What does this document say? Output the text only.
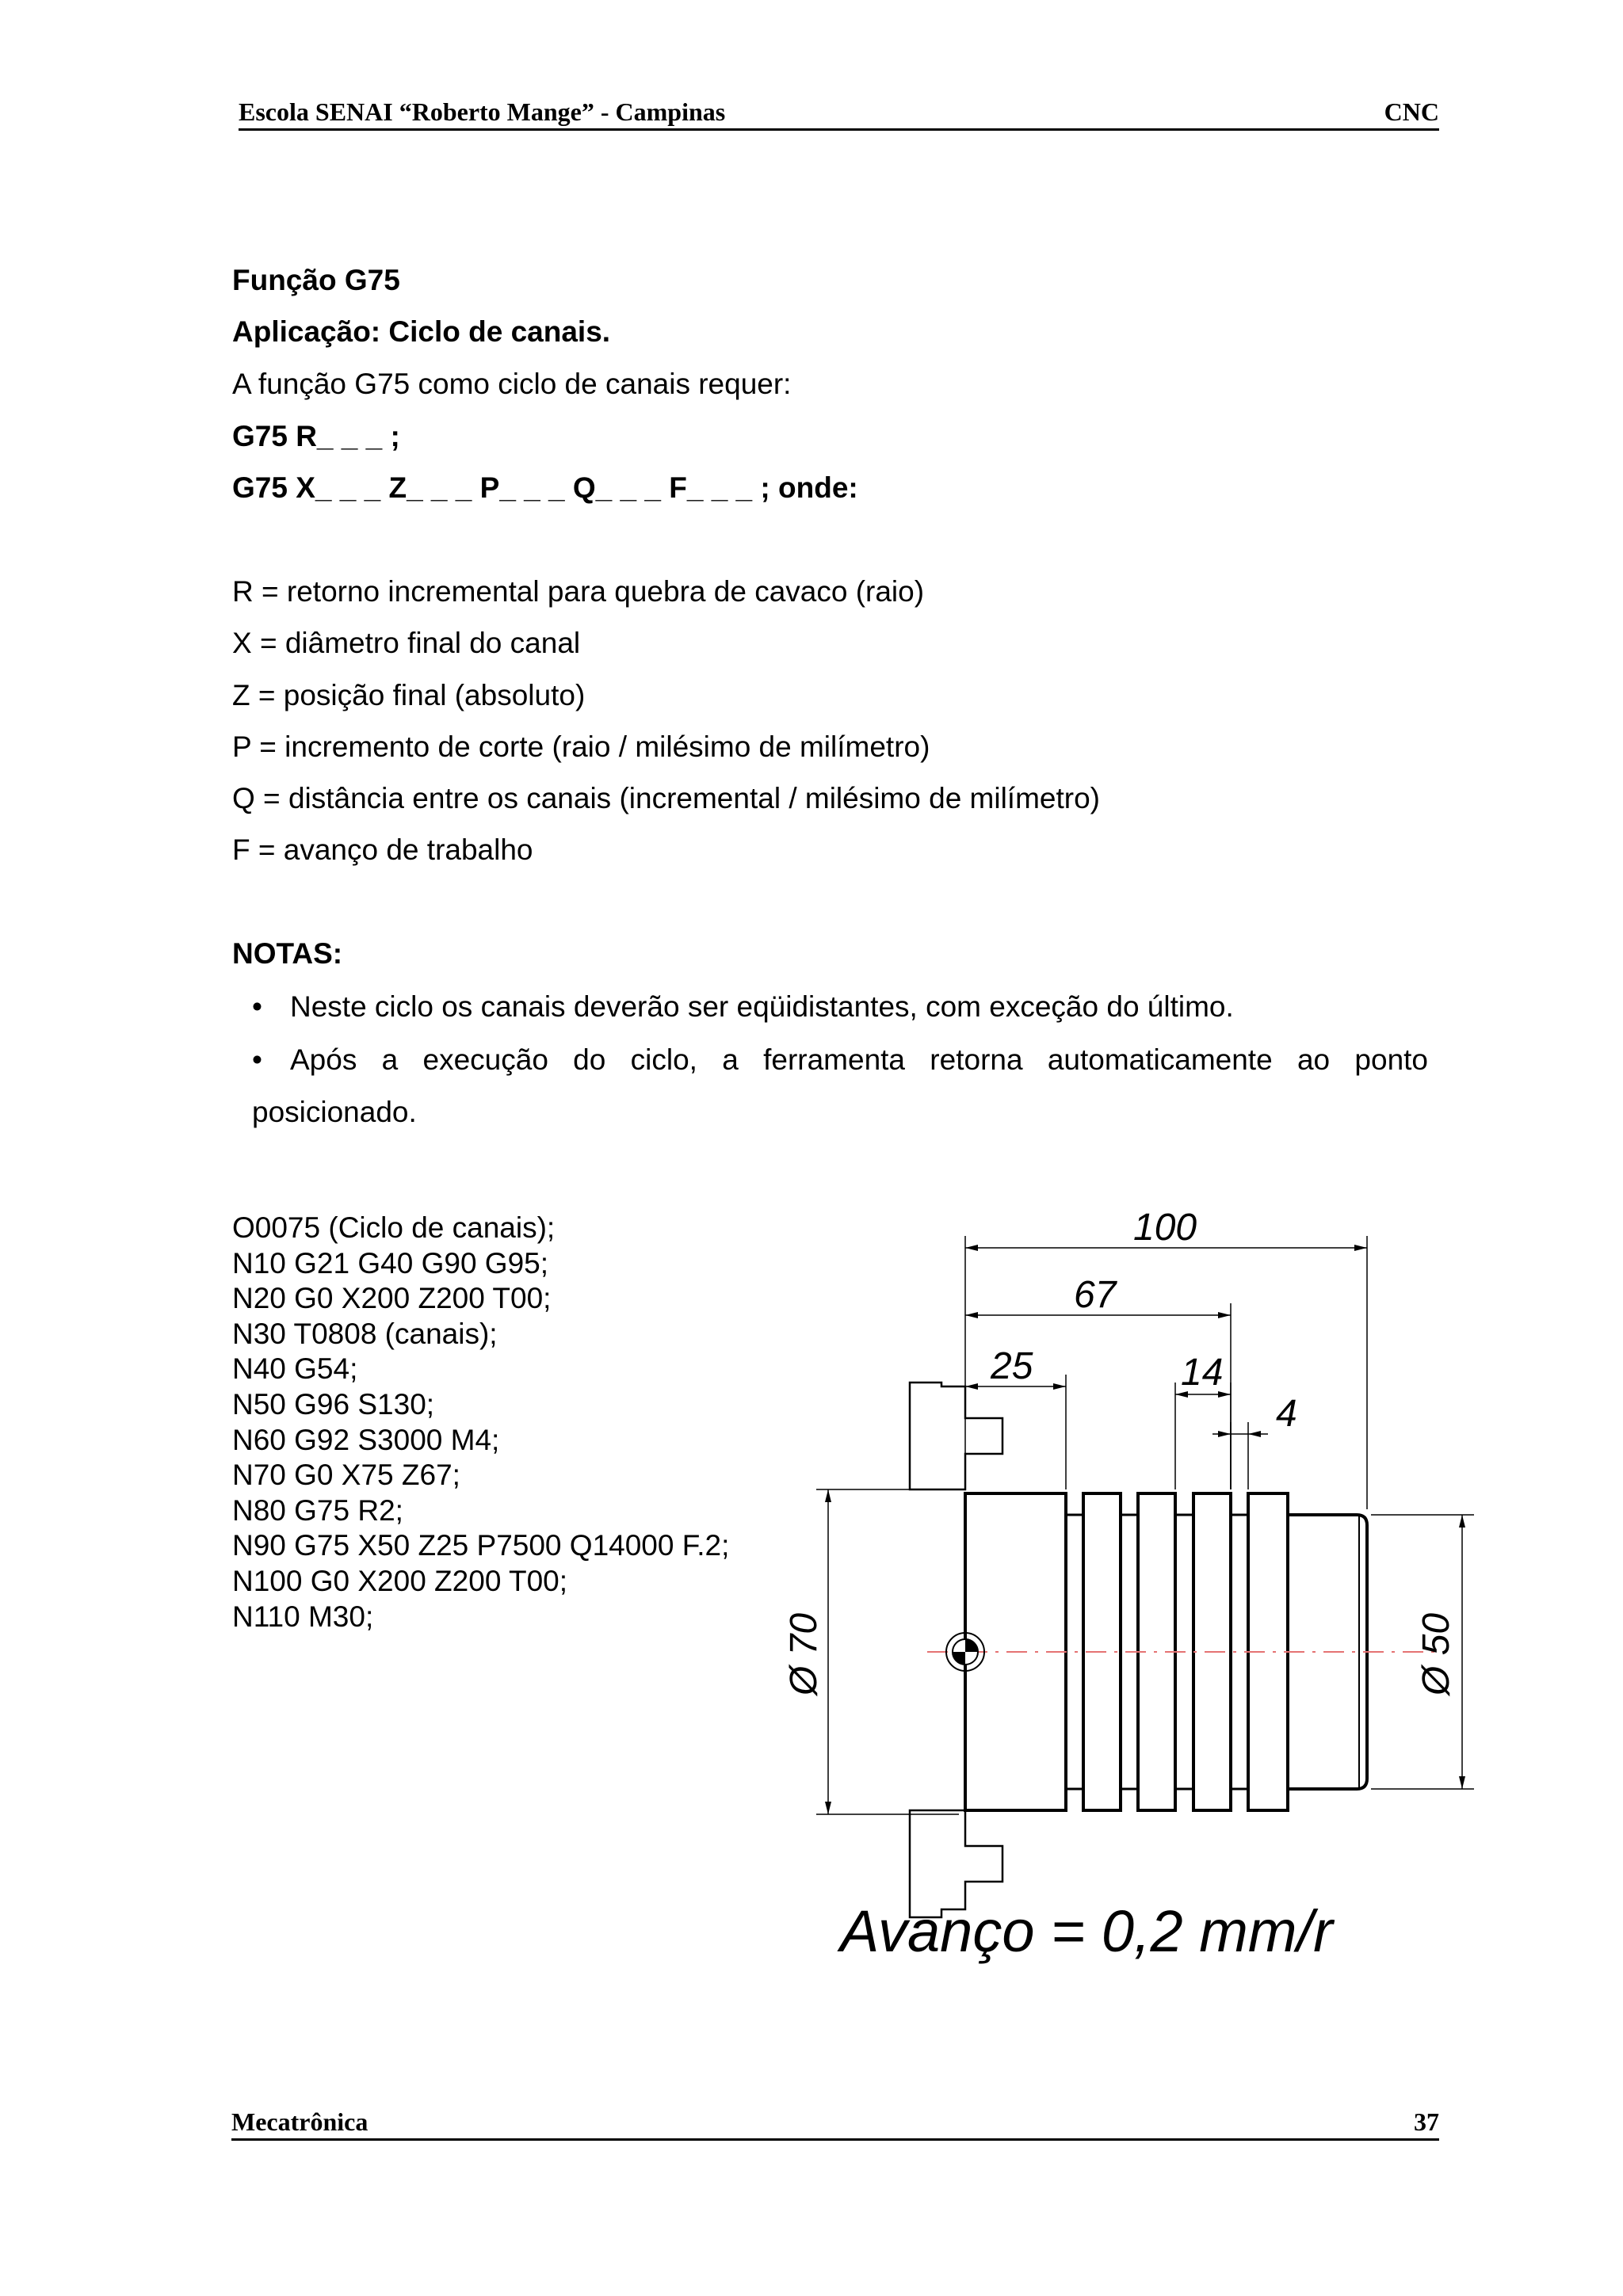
Escola SENAI “Roberto Mange” - Campinas	CNC
Função G75
Aplicação: Ciclo de canais.
A função G75 como ciclo de canais requer:
G75 R_ _ _ ;
G75 X_ _ _ Z_ _ _ P_ _ _ Q_ _ _ F_ _ _ ; onde:
R = retorno incremental para quebra de cavaco (raio)
X = diâmetro final do canal
Z = posição final (absoluto)
P = incremento de corte (raio / milésimo de milímetro)
Q = distância entre os canais (incremental / milésimo de milímetro)
F = avanço de trabalho
NOTAS:
• Neste ciclo os canais deverão ser eqüidistantes, com exceção do último.
• Após a execução do ciclo, a ferramenta retorna automaticamente ao ponto
posicionado.
O0075 (Ciclo de canais);
N10 G21 G40 G90 G95;
N20 G0 X200 Z200 T00;
N30 T0808 (canais);
N40 G54;
N50 G96 S130;
N60 G92 S3000 M4;
N70 G0 X75 Z67;
N80 G75 R2;
N90 G75 X50 Z25 P7500 Q14000 F.2;
N100 G0 X200 Z200 T00;
N110 M30;
100
67
25	14
4
Ø 70	Ø 50
Avanço = 0,2 mm/r
Mecatrônica	37
